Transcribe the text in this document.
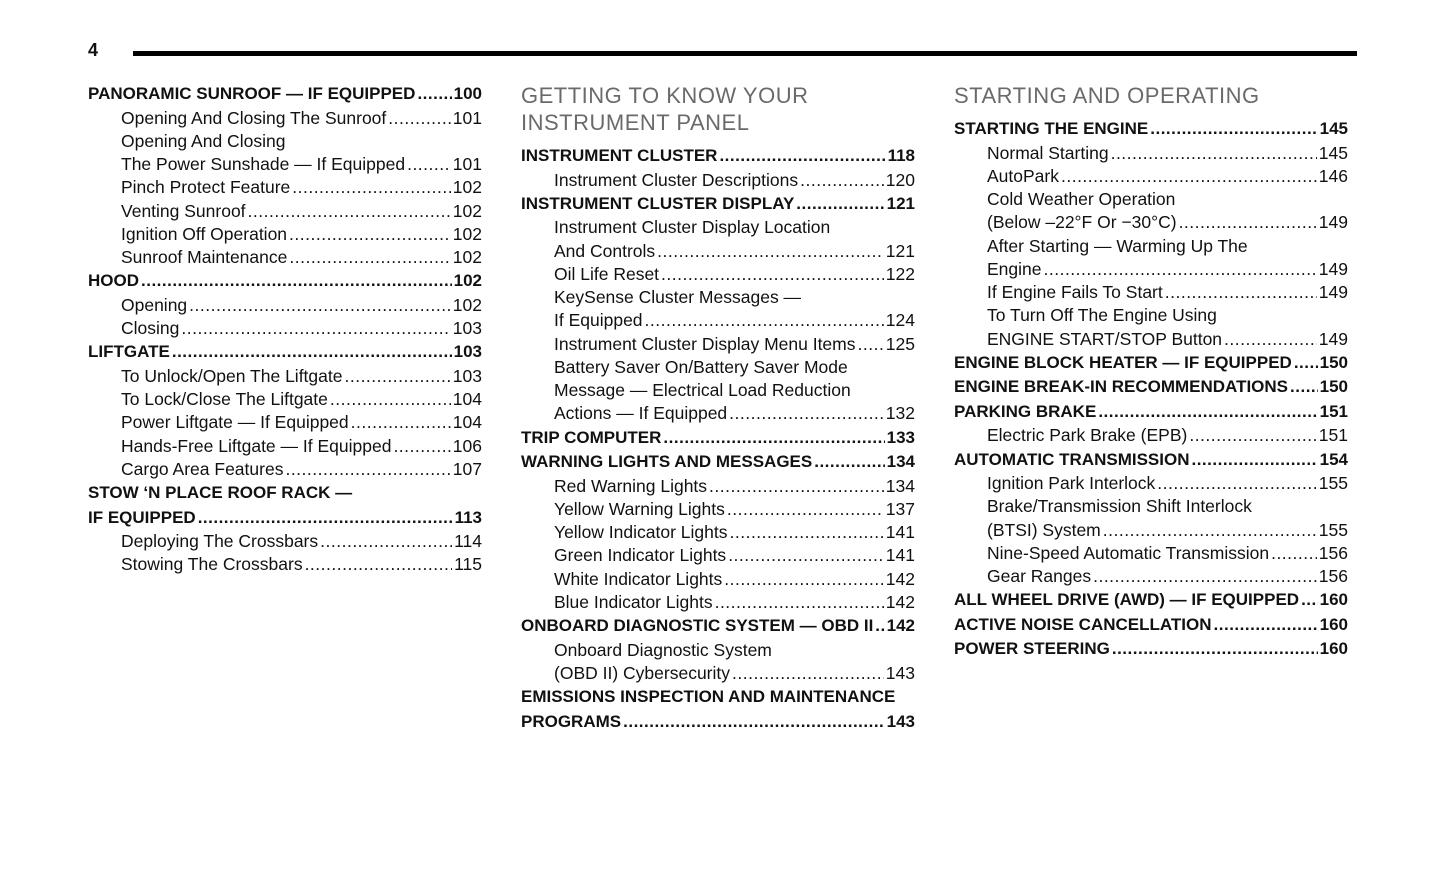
4
PANORAMIC SUNROOF — IF EQUIPPED ..... 100
Opening And Closing The Sunroof .....	101
Opening And Closing
The Power Sunshade — If Equipped .....	101
Pinch Protect Feature .....	102
Venting Sunroof .....	102
Ignition Off Operation .....	102
Sunroof Maintenance .....	102
HOOD .....	102
Opening .....	102
Closing .....	103
LIFTGATE .....	103
To Unlock/Open The Liftgate .....	103
To Lock/Close The Liftgate .....	104
Power Liftgate — If Equipped .....	104
Hands-Free Liftgate — If Equipped .....	106
Cargo Area Features .....	107
STOW ‘N PLACE ROOF RACK —
IF EQUIPPED .....	113
Deploying The Crossbars .....	114
Stowing The Crossbars .....	115
GETTING TO KNOW YOUR
INSTRUMENT PANEL
INSTRUMENT CLUSTER .....	118
Instrument Cluster Descriptions .....	120
INSTRUMENT CLUSTER DISPLAY .....	121
Instrument Cluster Display Location
And Controls .....	121
Oil Life Reset .....	122
KeySense Cluster Messages —
If Equipped .....	124
Instrument Cluster Display Menu Items ..... 125
Battery Saver On/Battery Saver Mode
Message — Electrical Load Reduction
Actions — If Equipped .....	132
TRIP COMPUTER .....	133
WARNING LIGHTS AND MESSAGES .....	134
Red Warning Lights .....	134
Yellow Warning Lights .....	137
Yellow Indicator Lights .....	141
Green Indicator Lights .....	141
White Indicator Lights .....	142
Blue Indicator Lights .....	142
ONBOARD DIAGNOSTIC SYSTEM — OBD II ..... 142
Onboard Diagnostic System
(OBD II) Cybersecurity .....	143
EMISSIONS INSPECTION AND MAINTENANCE
PROGRAMS .....	143
STARTING AND OPERATING
STARTING THE ENGINE .....	145
Normal Starting .....	145
AutoPark .....	146
Cold Weather Operation
(Below –22°F Or −30°C) .....	149
After Starting — Warming Up The
Engine .....	149
If Engine Fails To Start .....	149
To Turn Off The Engine Using
ENGINE START/STOP Button .....	149
ENGINE BLOCK HEATER — IF EQUIPPED ..... 150
ENGINE BREAK-IN RECOMMENDATIONS ..... 150
PARKING BRAKE .....	151
Electric Park Brake (EPB) .....	151
AUTOMATIC TRANSMISSION .....	154
Ignition Park Interlock .....	155
Brake/Transmission Shift Interlock
(BTSI) System .....	155
Nine-Speed Automatic Transmission .....	156
Gear Ranges .....	156
ALL WHEEL DRIVE (AWD) — IF EQUIPPED ..... 160
ACTIVE NOISE CANCELLATION .....	160
POWER STEERING .....	160
